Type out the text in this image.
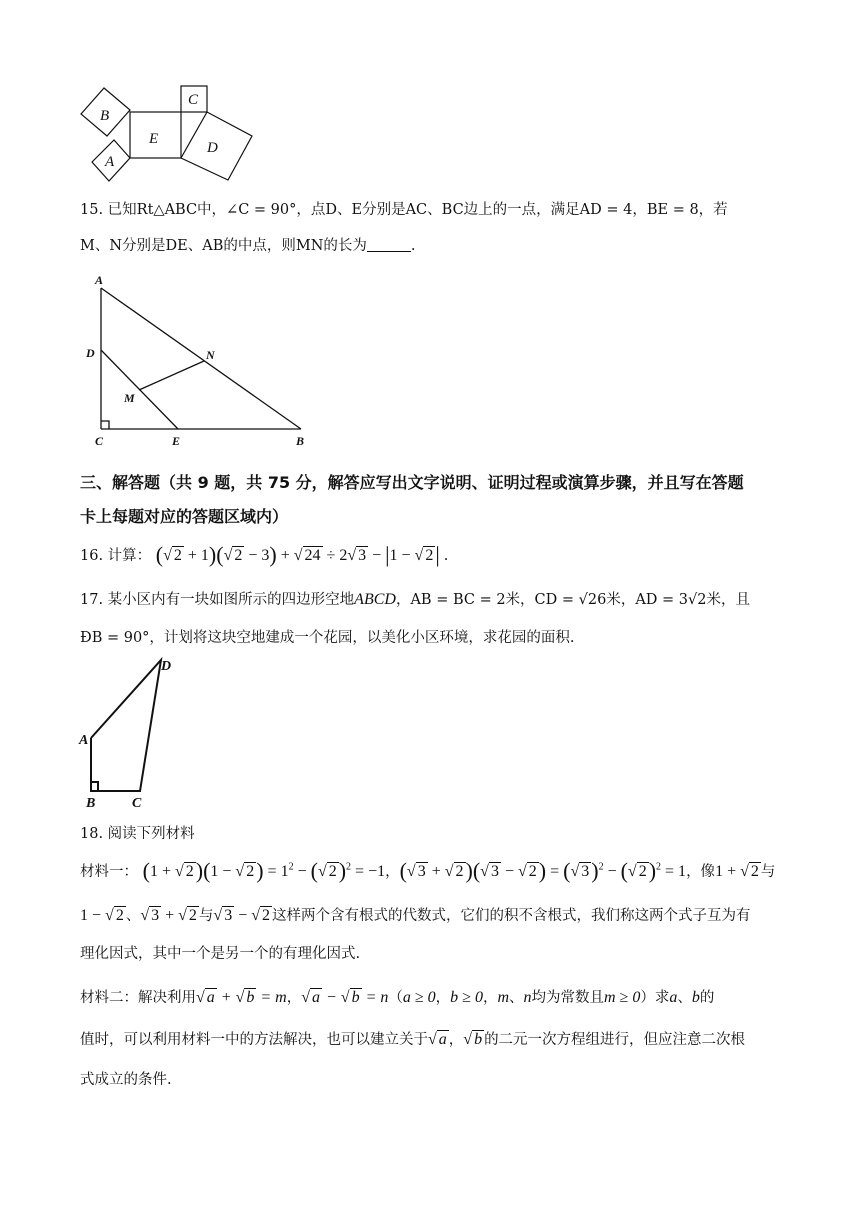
B
E
C
D
A
15. 已知Rt△ABC中，∠C = 90°，点D、E分别是AC、BC边上的一点，满足AD = 4，BE = 8，若
M、N分别是DE、AB的中点，则MN的长为	.
A
D	N
M
C	E	B
三、解答题（共 9 题，共 75 分，解答应写出文字说明、证明过程或演算步骤，并且写在答题
卡上每题对应的答题区域内）
16. 计算： (√ 2 + 1)(√ 2 − 3) + √ 24 ÷ 2√ 3 − |1 − √ 2| .
17. 某小区内有一块如图所示的四边形空地ABCD，AB = BC = 2米，CD = √26米，AD = 3√2米，且
ÐB = 90°，计划将这块空地建成一个花园，以美化小区环境，求花园的面积.
D
A
B	C
18. 阅读下列材料
材料一： (1 + √ 2)(1 − √ $2) = 1^2$ − (√ 2)$^2$ = −1，(√ 3 + √ 2)(√ 3 − √ 2) = (√ 3)$^2$ − (√ 2)$^2$ = 1，像1 + √ 2 与
1 − √ 2 、√ 3 + √ 2 与√ 3 − √ 2 这样两个含有根式的代数式，它们的积不含根式，我们称这两个式子互为有
理化因式，其中一个是另一个的有理化因式.
材料二：解决利用√ a + √ b = m，√ a − √ b = n（a ≥ 0，b ≥ 0，m、n均为常数且m ≥ 0）求a、b的
值时，可以利用材料一中的方法解决，也可以建立关于√ a ，√ b 的二元一次方程组进行，但应注意二次根
式成立的条件.
